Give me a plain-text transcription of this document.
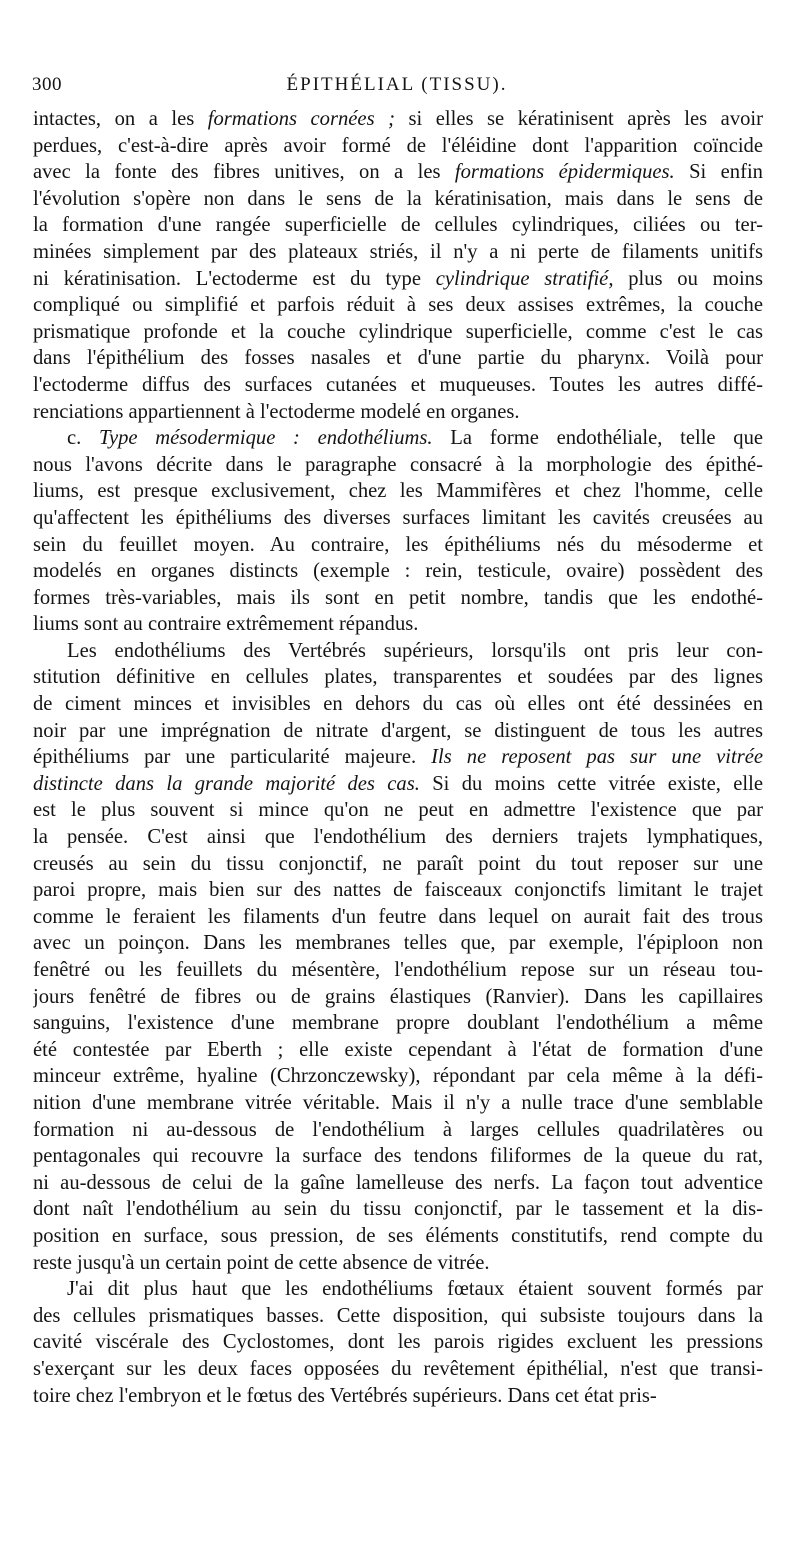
300	ÉPITHÉLIAL (TISSU).
intactes, on a les formations cornées ; si elles se kératinisent après les avoir
perdues, c'est-à-dire après avoir formé de l'éléidine dont l'apparition coïncide
avec la fonte des fibres unitives, on a les formations épidermiques. Si enfin
l'évolution s'opère non dans le sens de la kératinisation, mais dans le sens de
la formation d'une rangée superficielle de cellules cylindriques, ciliées ou ter-
minées simplement par des plateaux striés, il n'y a ni perte de filaments unitifs
ni kératinisation. L'ectoderme est du type cylindrique stratifié, plus ou moins
compliqué ou simplifié et parfois réduit à ses deux assises extrêmes, la couche
prismatique profonde et la couche cylindrique superficielle, comme c'est le cas
dans l'épithélium des fosses nasales et d'une partie du pharynx. Voilà pour
l'ectoderme diffus des surfaces cutanées et muqueuses. Toutes les autres diffé-
renciations appartiennent à l'ectoderme modelé en organes.
c. Type mésodermique : endothéliums. La forme endothéliale, telle que
nous l'avons décrite dans le paragraphe consacré à la morphologie des épithé-
liums, est presque exclusivement, chez les Mammifères et chez l'homme, celle
qu'affectent les épithéliums des diverses surfaces limitant les cavités creusées au
sein du feuillet moyen. Au contraire, les épithéliums nés du mésoderme et
modelés en organes distincts (exemple : rein, testicule, ovaire) possèdent des
formes très-variables, mais ils sont en petit nombre, tandis que les endothé-
liums sont au contraire extrêmement répandus.
Les endothéliums des Vertébrés supérieurs, lorsqu'ils ont pris leur con-
stitution définitive en cellules plates, transparentes et soudées par des lignes
de ciment minces et invisibles en dehors du cas où elles ont été dessinées en
noir par une imprégnation de nitrate d'argent, se distinguent de tous les autres
épithéliums par une particularité majeure. Ils ne reposent pas sur une vitrée
distincte dans la grande majorité des cas. Si du moins cette vitrée existe, elle
est le plus souvent si mince qu'on ne peut en admettre l'existence que par
la pensée. C'est ainsi que l'endothélium des derniers trajets lymphatiques,
creusés au sein du tissu conjonctif, ne paraît point du tout reposer sur une
paroi propre, mais bien sur des nattes de faisceaux conjonctifs limitant le trajet
comme le feraient les filaments d'un feutre dans lequel on aurait fait des trous
avec un poinçon. Dans les membranes telles que, par exemple, l'épiploon non
fenêtré ou les feuillets du mésentère, l'endothélium repose sur un réseau tou-
jours fenêtré de fibres ou de grains élastiques (Ranvier). Dans les capillaires
sanguins, l'existence d'une membrane propre doublant l'endothélium a même
été contestée par Eberth ; elle existe cependant à l'état de formation d'une
minceur extrême, hyaline (Chrzonczewsky), répondant par cela même à la défi-
nition d'une membrane vitrée véritable. Mais il n'y a nulle trace d'une semblable
formation ni au-dessous de l'endothélium à larges cellules quadrilatères ou
pentagonales qui recouvre la surface des tendons filiformes de la queue du rat,
ni au-dessous de celui de la gaîne lamelleuse des nerfs. La façon tout adventice
dont naît l'endothélium au sein du tissu conjonctif, par le tassement et la dis-
position en surface, sous pression, de ses éléments constitutifs, rend compte du
reste jusqu'à un certain point de cette absence de vitrée.
J'ai dit plus haut que les endothéliums fœtaux étaient souvent formés par
des cellules prismatiques basses. Cette disposition, qui subsiste toujours dans la
cavité viscérale des Cyclostomes, dont les parois rigides excluent les pressions
s'exerçant sur les deux faces opposées du revêtement épithélial, n'est que transi-
toire chez l'embryon et le fœtus des Vertébrés supérieurs. Dans cet état pris-
